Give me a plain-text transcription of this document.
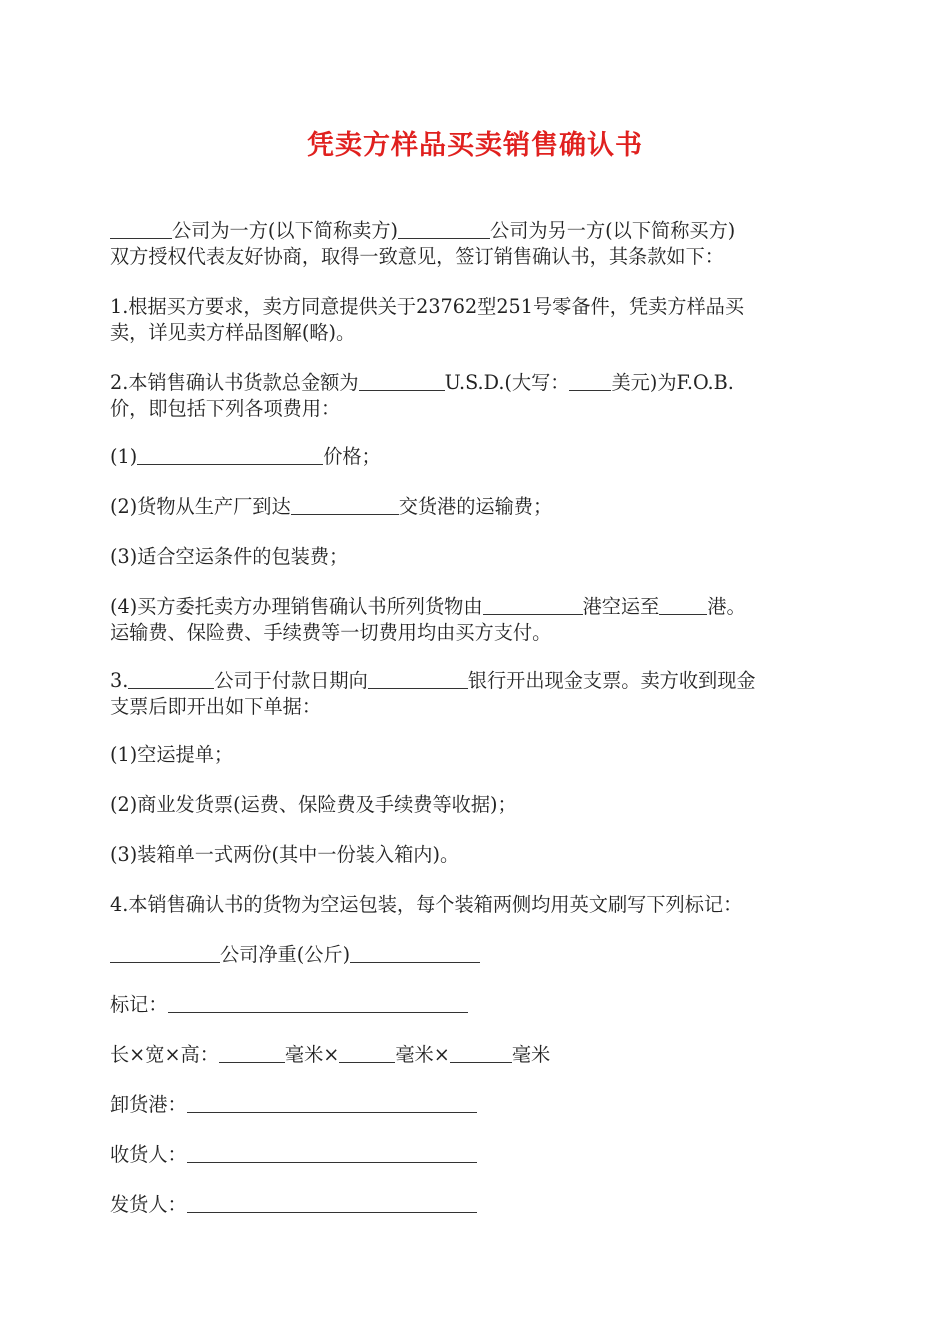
凭卖方样品买卖销售确认书
公司为一方(以下简称卖方)	公司为另一方(以下简称买方)
双方授权代表友好协商，取得一致意见，签订销售确认书，其条款如下：
1.根据买方要求，卖方同意提供关于23762型251号零备件，凭卖方样品买
卖，详见卖方样品图解(略)。
2.本销售确认书货款总金额为	U.S.D.(大写： 美元)为F.O.B.
价，即包括下列各项费用：
(1)	价格；
(2)货物从生产厂到达	交货港的运输费；
(3)适合空运条件的包装费；
(4)买方委托卖方办理销售确认书所列货物由	港空运至	港。
运输费、保险费、手续费等一切费用均由买方支付。
3.	公司于付款日期向	银行开出现金支票。卖方收到现金
支票后即开出如下单据：
(1)空运提单；
(2)商业发货票(运费、保险费及手续费等收据)；
(3)装箱单一式两份(其中一份装入箱内)。
4.本销售确认书的货物为空运包装，每个装箱两侧均用英文刷写下列标记：
公司净重(公斤)
标记：
长×宽×高：	毫米×	毫米×	毫米
卸货港：
收货人：
发货人：
